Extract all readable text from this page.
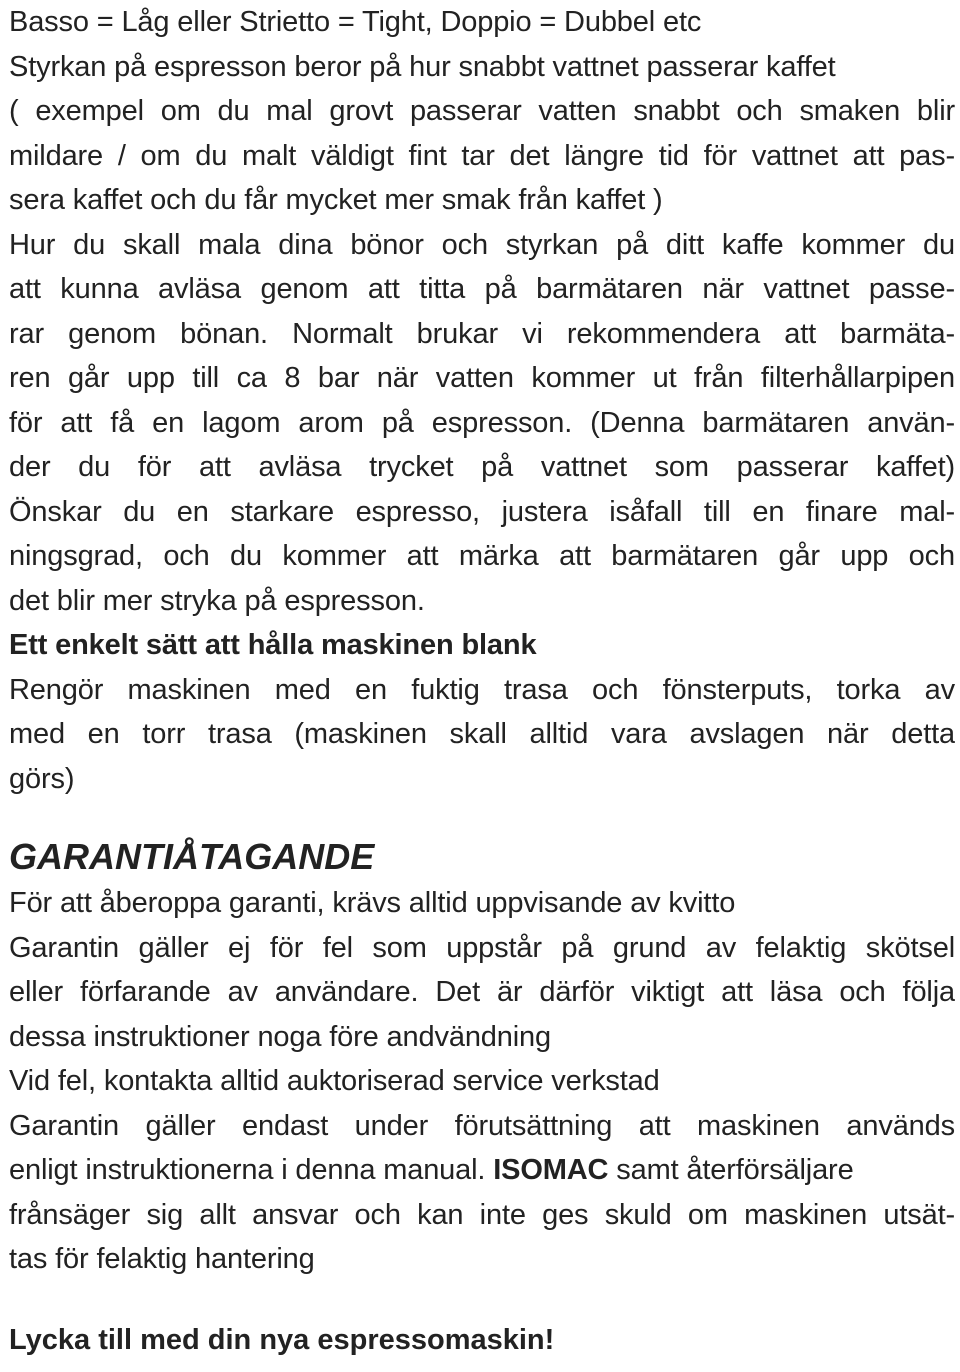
Basso = Låg eller Strietto = Tight, Doppio = Dubbel etc
Styrkan på espresson beror på hur snabbt vattnet passerar kaffet
( exempel om du mal grovt passerar vatten snabbt och smaken blir
mildare / om du malt väldigt fint tar det längre tid för vattnet att pas-
sera kaffet och du får mycket mer smak från kaffet )
Hur du skall mala dina bönor och styrkan på ditt kaffe kommer du
att kunna avläsa genom att titta på barmätaren när vattnet passe-
rar genom bönan. Normalt brukar vi rekommendera att barmäta-
ren går upp till ca 8 bar när vatten kommer ut från filterhållarpipen
för att få en lagom arom på espresson. (Denna barmätaren använ-
der du för att avläsa trycket på vattnet som passerar kaffet)
Önskar du en starkare espresso, justera isåfall till en finare mal-
ningsgrad, och du kommer att märka att barmätaren går upp och
det blir mer stryka på espresson.
Ett enkelt sätt att hålla maskinen blank
Rengör maskinen med en fuktig trasa och fönsterputs, torka av
med en torr trasa (maskinen skall alltid vara avslagen när detta
görs)
GARANTIÅTAGANDE
För att åberoppa garanti, krävs alltid uppvisande av kvitto
Garantin gäller ej för fel som uppstår på grund av felaktig skötsel
eller förfarande av användare. Det är därför viktigt att läsa och följa
dessa instruktioner noga före andvändning
Vid fel, kontakta alltid auktoriserad service verkstad
Garantin gäller endast under förutsättning att maskinen används
enligt instruktionerna i denna manual. ISOMAC samt återförsäljare
frånsäger sig allt ansvar och kan inte ges skuld om maskinen utsät-
tas för felaktig hantering
Lycka till med din nya espressomaskin!
